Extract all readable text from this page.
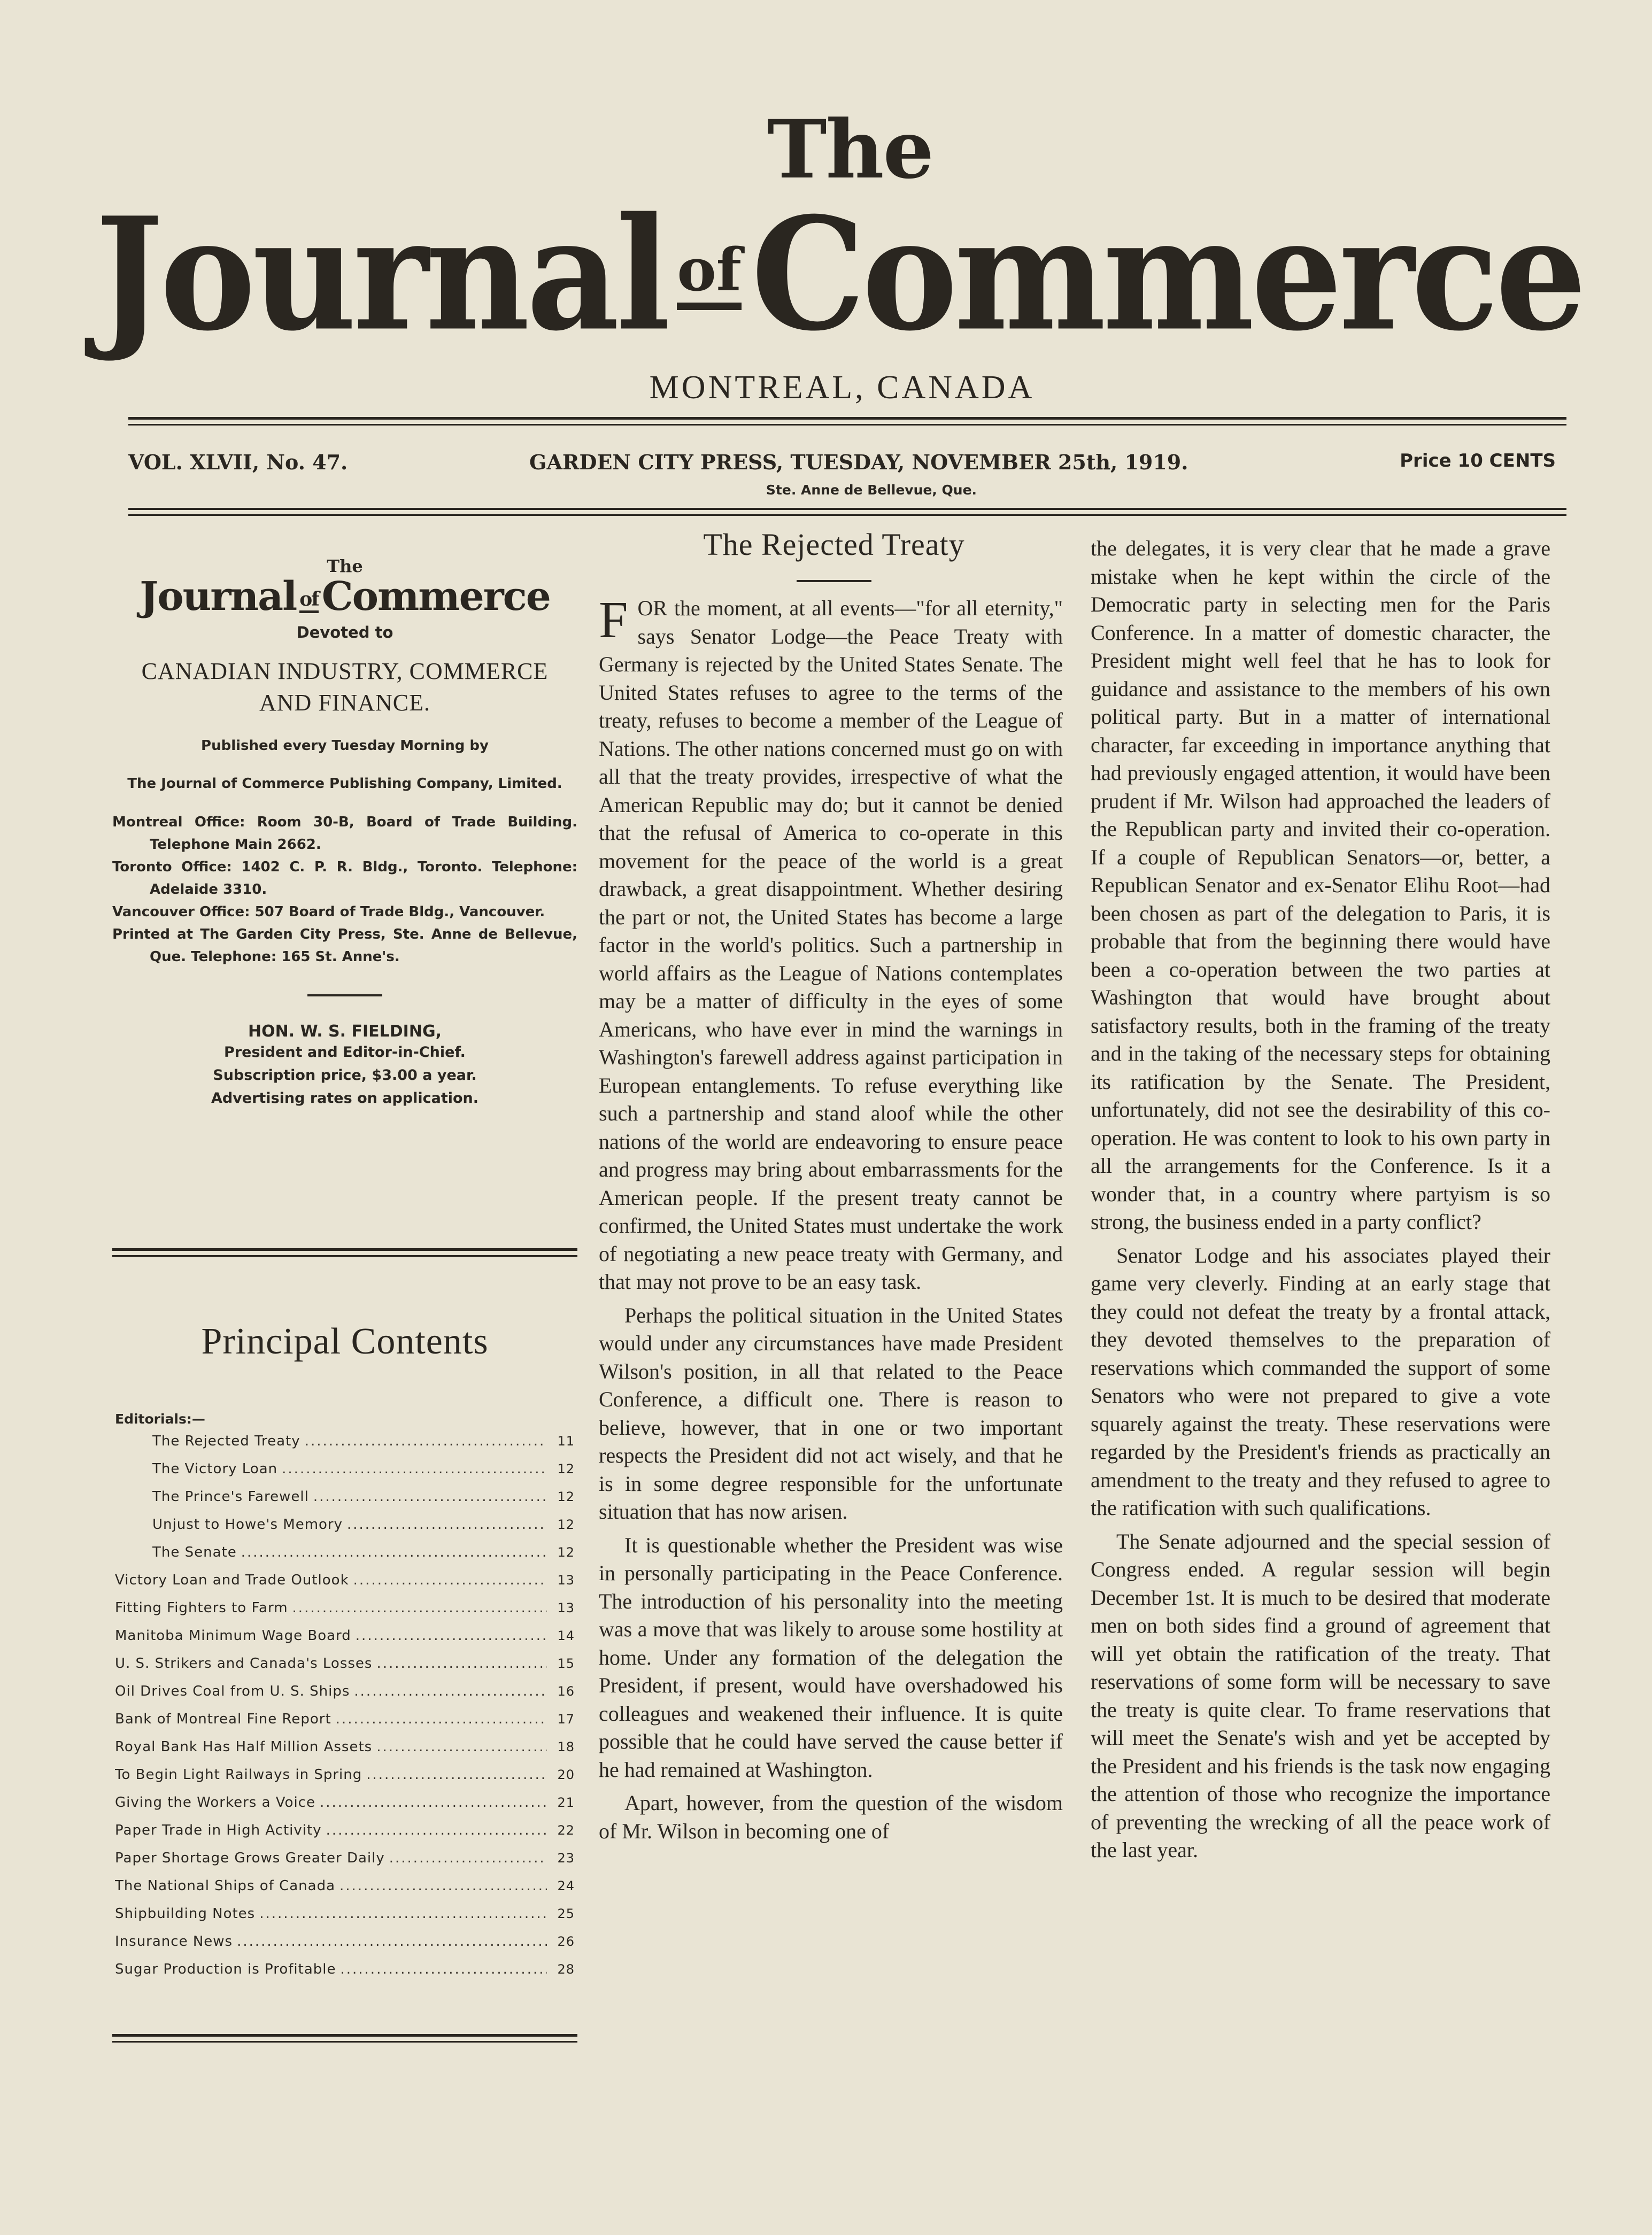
The
Journal of Commerce
MONTREAL, CANADA
VOL. XLVII, No. 47.	GARDEN CITY PRESS, TUESDAY, NOVEMBER 25th, 1919.	Price 10 CENTS
Ste. Anne de Bellevue, Que.
The
Journal ofCommerce
Devoted to
CANADIAN INDUSTRY, COMMERCE
AND FINANCE.
Published every Tuesday Morning by
The Journal of Commerce Publishing Company, Limited.

Montreal Office: Room 30-B, Board of Trade Building. Telephone Main 2662.

Toronto Office: 1402 C. P. R. Bldg., Toronto. Telephone: Adelaide 3310.

Vancouver Office: 507 Board of Trade Bldg., Vancouver.

Printed at The Garden City Press, Ste. Anne de Bellevue, Que. Telephone: 165 St. Anne's.

HON. W. S. FIELDING,
President and Editor-in-Chief.
Subscription price, $3.00 a year.
Advertising rates on application.
Principal Contents
Editorials:—
The Rejected Treaty .....	11
The Victory Loan .....	12
The Prince's Farewell .....	12
Unjust to Howe's Memory .....	12
The Senate .....	12
Victory Loan and Trade Outlook .....	13
Fitting Fighters to Farm .....	13
Manitoba Minimum Wage Board .....	14
U. S. Strikers and Canada's Losses .....	15
Oil Drives Coal from U. S. Ships .....	16
Bank of Montreal Fine Report .....	17
Royal Bank Has Half Million Assets .....	18
To Begin Light Railways in Spring .....	20
Giving the Workers a Voice .....	21
Paper Trade in High Activity .....	22
Paper Shortage Grows Greater Daily .....	23
The National Ships of Canada .....	24
Shipbuilding Notes .....	25
Insurance News .....	26
Sugar Production is Profitable .....	28
The Rejected Treaty

FOR the moment, at all events—"for all eternity," says Senator Lodge—the Peace Treaty with Germany is rejected by the United States Senate. The United States refuses to agree to the terms of the treaty, refuses to become a member of the League of Nations. The other nations concerned must go on with all that the treaty provides, irrespective of what the American Republic may do; but it cannot be denied that the refusal of America to co-operate in this movement for the peace of the world is a great drawback, a great disappointment. Whether desiring the part or not, the United States has become a large factor in the world's politics. Such a partnership in world affairs as the League of Nations contemplates may be a matter of difficulty in the eyes of some Americans, who have ever in mind the warnings in Washington's farewell address against participation in European entanglements. To refuse everything like such a partnership and stand aloof while the other nations of the world are endeavoring to ensure peace and progress may bring about embarrassments for the American people. If the present treaty cannot be confirmed, the United States must undertake the work of negotiating a new peace treaty with Germany, and that may not prove to be an easy task.

Perhaps the political situation in the United States would under any circumstances have made President Wilson's position, in all that related to the Peace Conference, a difficult one. There is reason to believe, however, that in one or two important respects the President did not act wisely, and that he is in some degree responsible for the unfortunate situation that has now arisen.

It is questionable whether the President was wise in personally participating in the Peace Conference. The introduction of his personality into the meeting was a move that was likely to arouse some hostility at home. Under any formation of the delegation the President, if present, would have overshadowed his colleagues and weakened their influence. It is quite possible that he could have served the cause better if he had remained at Washington.

Apart, however, from the question of the wisdom of Mr. Wilson in becoming one of

the delegates, it is very clear that he made a grave mistake when he kept within the circle of the Democratic party in selecting men for the Paris Conference. In a matter of domestic character, the President might well feel that he has to look for guidance and assistance to the members of his own political party. But in a matter of international character, far exceeding in importance anything that had previously engaged attention, it would have been prudent if Mr. Wilson had approached the leaders of the Republican party and invited their co-operation. If a couple of Republican Senators—or, better, a Republican Senator and ex-Senator Elihu Root—had been chosen as part of the delegation to Paris, it is probable that from the beginning there would have been a co-operation between the two parties at Washington that would have brought about satisfactory results, both in the framing of the treaty and in the taking of the necessary steps for obtaining its ratification by the Senate. The President, unfortunately, did not see the desirability of this co-operation. He was content to look to his own party in all the arrangements for the Conference. Is it a wonder that, in a country where partyism is so strong, the business ended in a party conflict?

Senator Lodge and his associates played their game very cleverly. Finding at an early stage that they could not defeat the treaty by a frontal attack, they devoted themselves to the preparation of reservations which commanded the support of some Senators who were not prepared to give a vote squarely against the treaty. These reservations were regarded by the President's friends as practically an amendment to the treaty and they refused to agree to the ratification with such qualifications.

The Senate adjourned and the special session of Congress ended. A regular session will begin December 1st. It is much to be desired that moderate men on both sides find a ground of agreement that will yet obtain the ratification of the treaty. That reservations of some form will be necessary to save the treaty is quite clear. To frame reservations that will meet the Senate's wish and yet be accepted by the President and his friends is the task now engaging the attention of those who recognize the importance of preventing the wrecking of all the peace work of the last year.
